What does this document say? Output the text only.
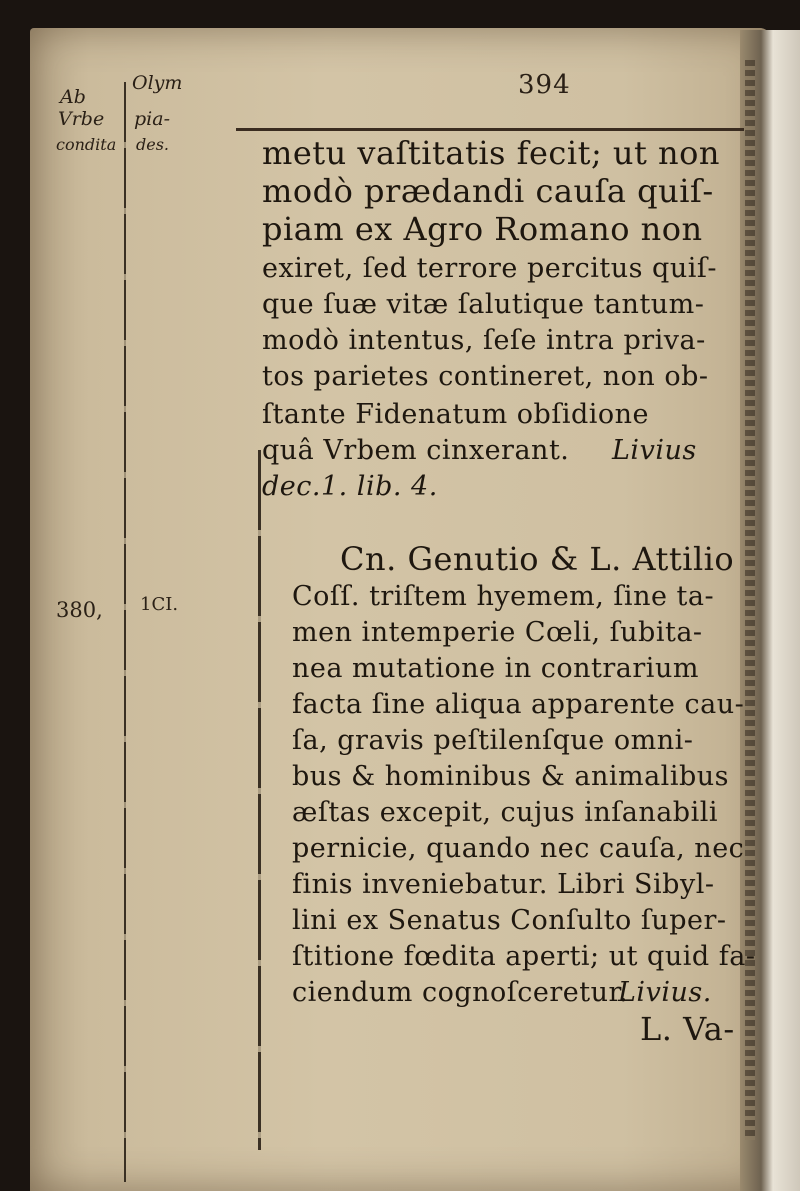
Ab
Vrbe
condita
Olym
pia-
des.
394
380, 1CI.
metu vaſtitatis fecit; ut non
modò prædandi cauſa quiſ-
piam ex Agro Romano non
exiret, ſed terrore percitus quiſ-
que ſuæ vitæ ſalutique tantum-
modò intentus, ſeſe intra priva-
tos parietes contineret, non ob-
ſtante Fidenatum obſidione
quâ Vrbem cinxerant. Livius
dec.1. lib. 4.
Cn. Genutio & L. Attilio
Coſſ. triſtem hyemem, ſine ta-
men intemperie Cœli, ſubita-
nea mutatione in contrarium
facta ſine aliqua apparente cau-
ſa, gravis peſtilenſque omni-
bus & hominibus & animalibus
æſtas excepit, cujus inſanabili
pernicie, quando nec cauſa, nec
finis inveniebatur. Libri Sibyl-
lini ex Senatus Conſulto ſuper-
ſtitione fœdita aperti; ut quid fa-
ciendum cognoſceretur.
Livius.
L. Va-
